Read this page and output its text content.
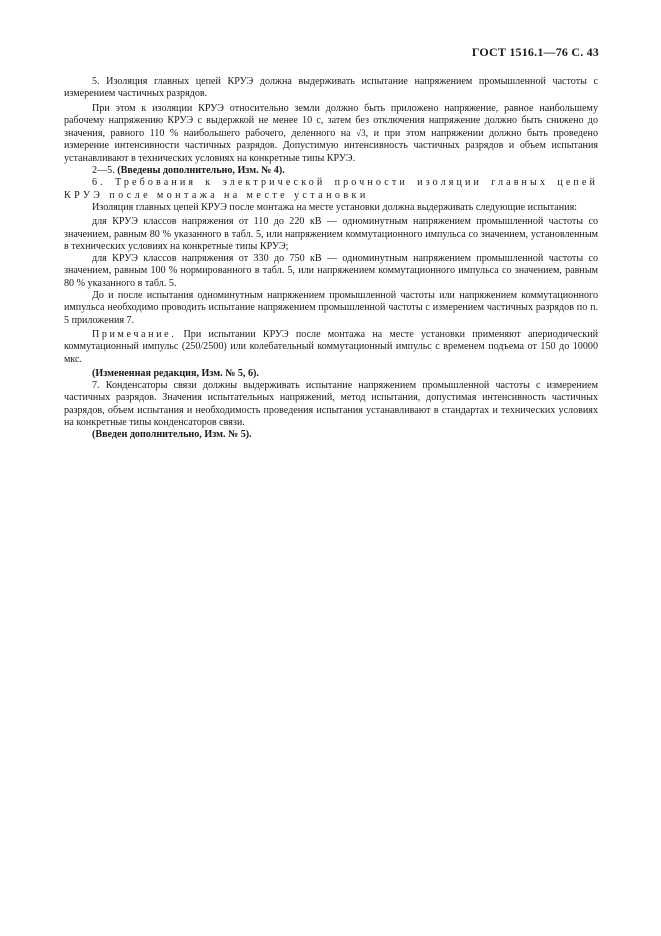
ГОСТ 1516.1—76 С. 43

5. Изоляция главных цепей КРУЭ должна выдерживать испытание напряжением промышленной частоты с измерением частичных разрядов.

При этом к изоляции КРУЭ относительно земли должно быть приложено напряжение, равное наибольшему рабочему напряжению КРУЭ с выдержкой не менее 10 с, затем без отключения напряжение должно быть снижено до значения, равного 110 % наибольшего рабочего, деленного на √3, и при этом напряжении должно быть проведено измерение интенсивности частичных разрядов. Допустимую интенсивность частичных разрядов и объем испытания устанавливают в технических условиях на конкретные типы КРУЭ.

2—5. (Введены дополнительно, Изм. № 4).

6. Требования к электрической прочности изоляции главных цепей

КРУЭ после монтажа на месте установки

Изоляция главных цепей КРУЭ после монтажа на месте установки должна выдерживать следующие испытания:

для КРУЭ классов напряжения от 110 до 220 кВ — одноминутным напряжением промышленной частоты со значением, равным 80 % указанного в табл. 5, или напряжением коммутационного импульса со значением, установленным в технических условиях на конкретные типы КРУЭ;

для КРУЭ классов напряжения от 330 до 750 кВ — одноминутным напряжением промышленной частоты со значением, равным 100 % нормированного в табл. 5, или напряжением коммутационного импульса со значением, равным 80 % указанного в табл. 5.

До и после испытания одноминутным напряжением промышленной частоты или напряжением коммутационного импульса необходимо проводить испытание напряжением промышленной частоты с измерением частичных разрядов по п. 5 приложения 7.

Примечание. При испытании КРУЭ после монтажа на месте установки применяют апериодический коммутационный импульс (250/2500) или колебательный коммутационный импульс с временем подъема от 150 до 10000 мкс.

(Измененная редакция, Изм. № 5, 6).

7. Конденсаторы связи должны выдерживать испытание напряжением промышленной частоты с измерением частичных разрядов. Значения испытательных напряжений, метод испытания, допустимая интенсивность частичных разрядов, объем испытания и необходимость проведения испытания устанавливают в стандартах и технических условиях на конкретные типы конденсаторов связи.

(Введен дополнительно, Изм. № 5).
